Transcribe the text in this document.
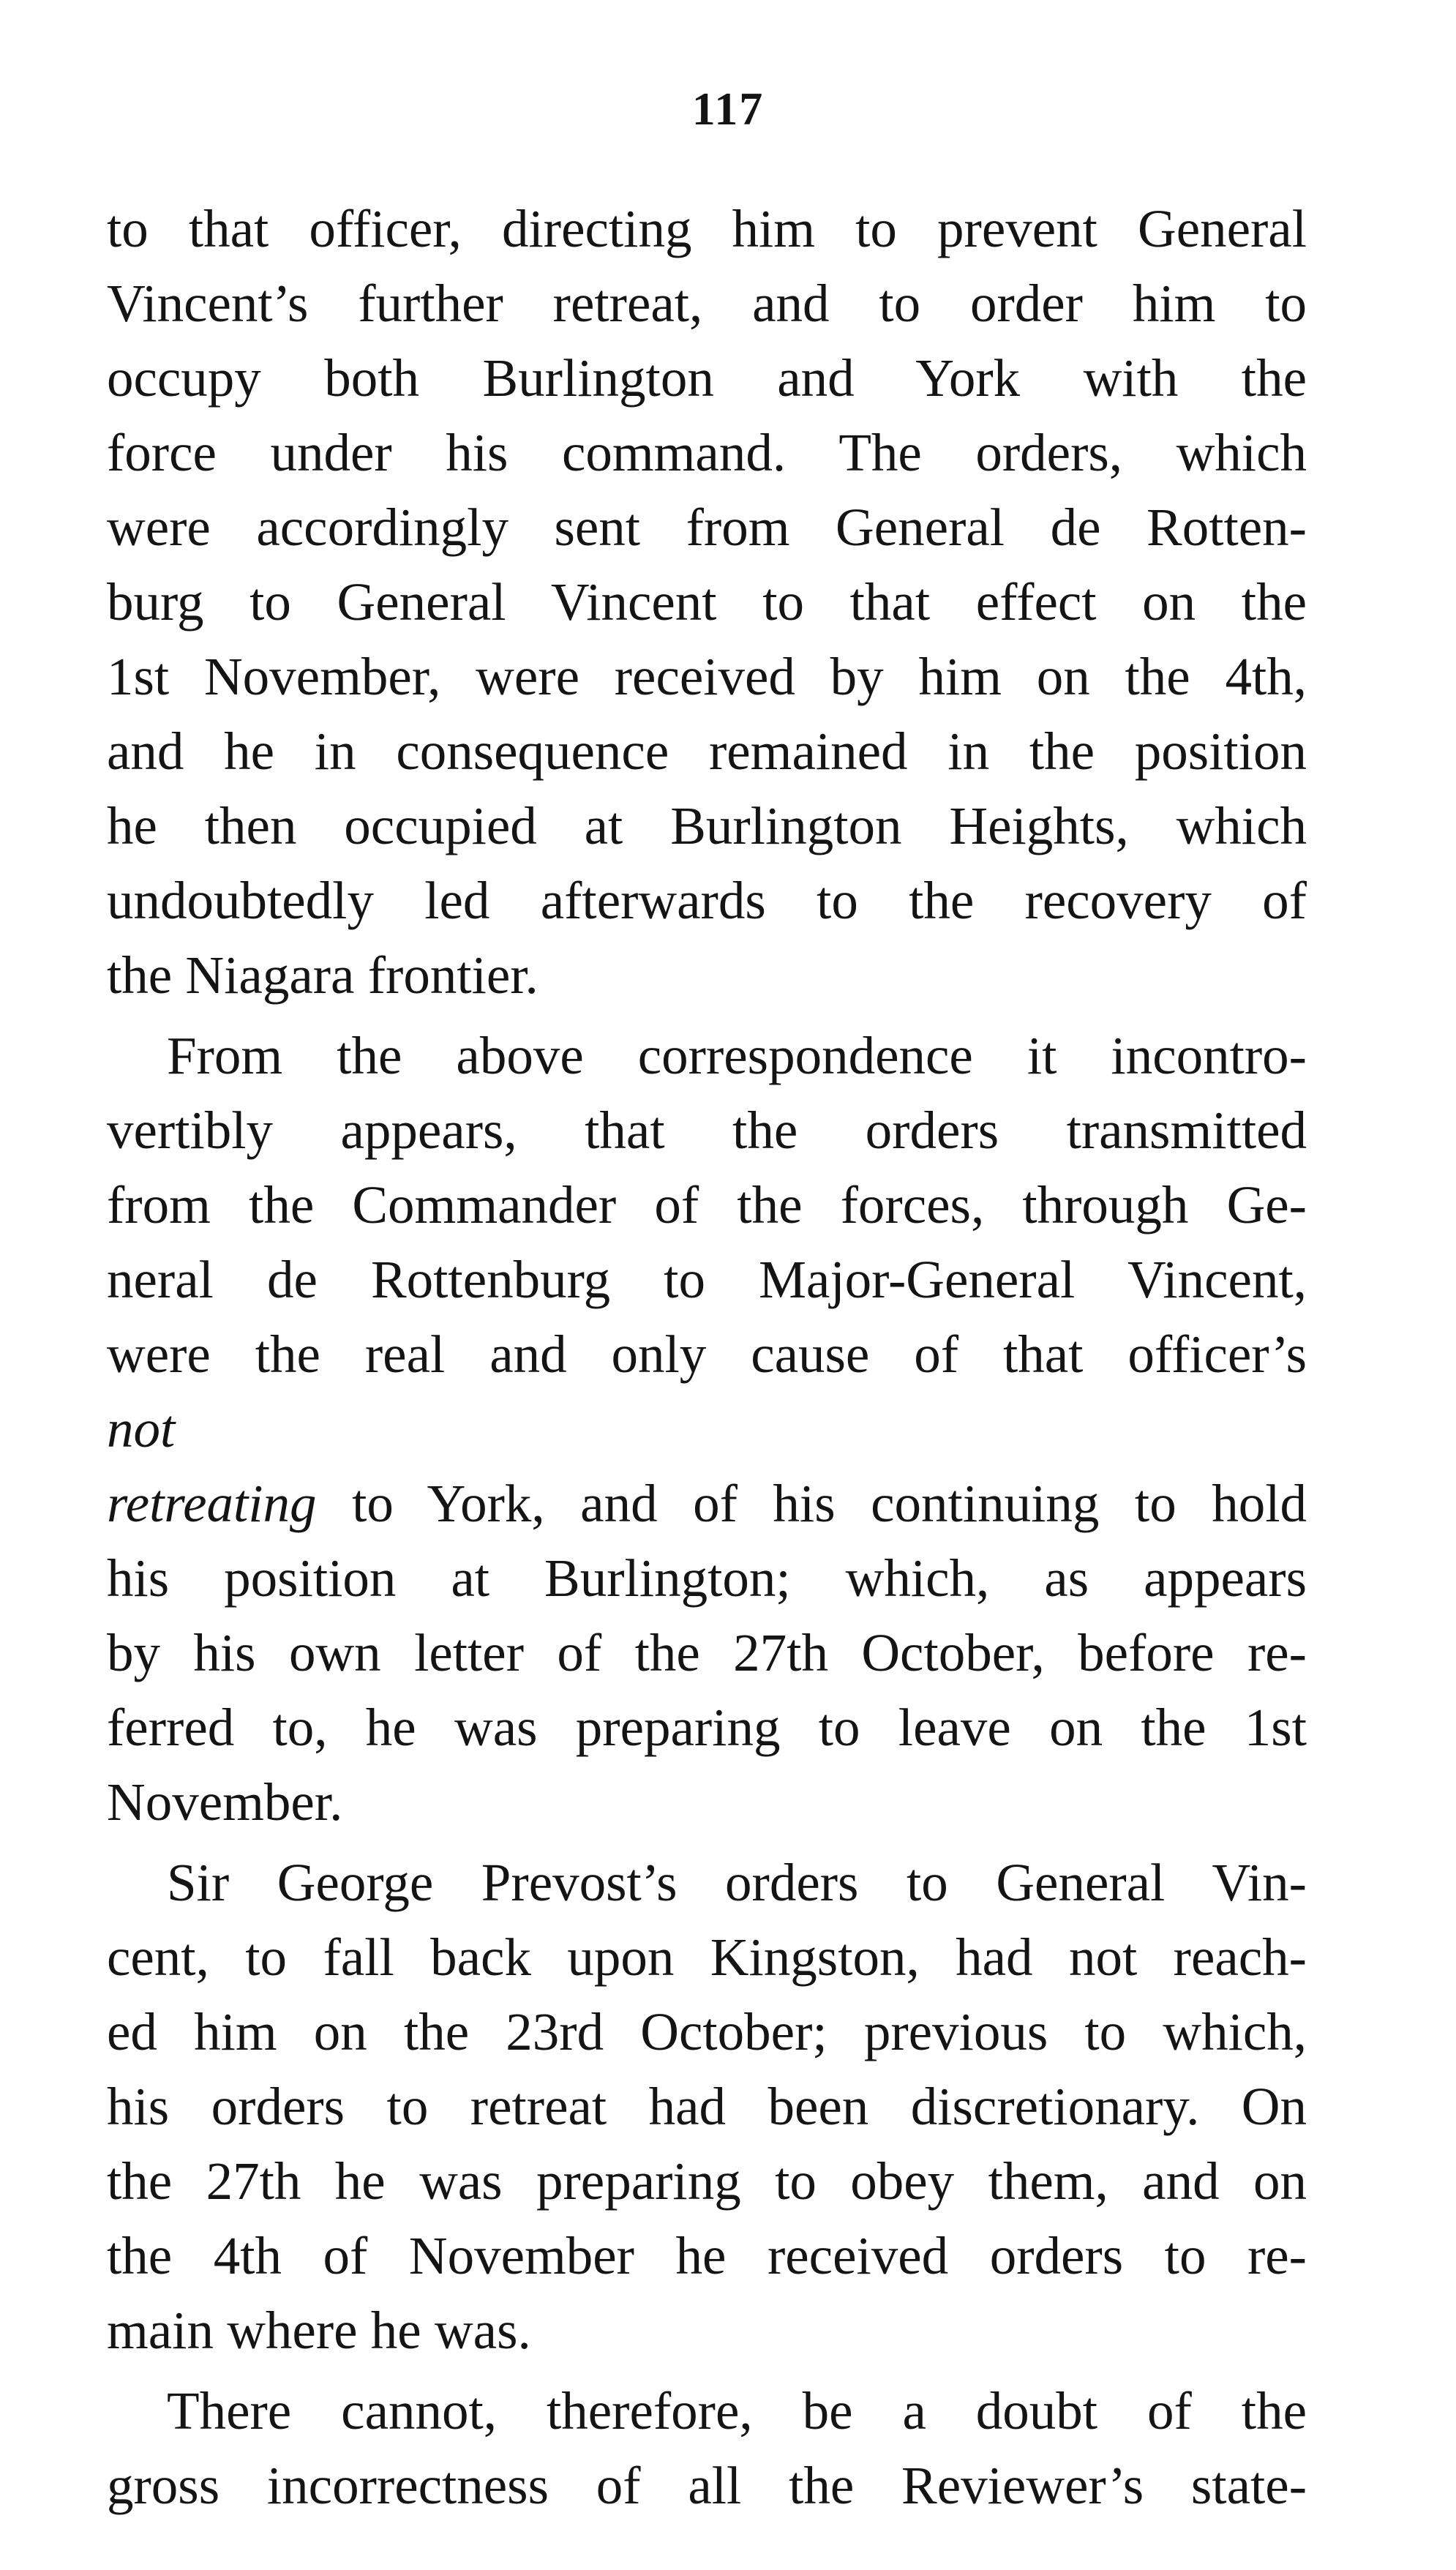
117
to that officer, directing him to prevent General
Vincent’s further retreat, and to order him to
occupy both Burlington and York with the
force under his command. The orders, which
were accordingly sent from General de Rotten-
burg to General Vincent to that effect on the
1st November, were received by him on the 4th,
and he in consequence remained in the position
he then occupied at Burlington Heights, which
undoubtedly led afterwards to the recovery of
the Niagara frontier.
From the above correspondence it incontro-
vertibly appears, that the orders transmitted
from the Commander of the forces, through Ge-
neral de Rottenburg to Major-General Vincent,
were the real and only cause of that officer’s
not
retreating to York, and of his continuing to hold
his position at Burlington; which, as appears
by his own letter of the 27th October, before re-
ferred to, he was preparing to leave on the 1st
November.
Sir George Prevost’s orders to General Vin-
cent, to fall back upon Kingston, had not reach-
ed him on the 23rd October; previous to which,
his orders to retreat had been discretionary. On
the 27th he was preparing to obey them, and on
the 4th of November he received orders to re-
main where he was.
There cannot, therefore, be a doubt of the
gross incorrectness of all the Reviewer’s state-
